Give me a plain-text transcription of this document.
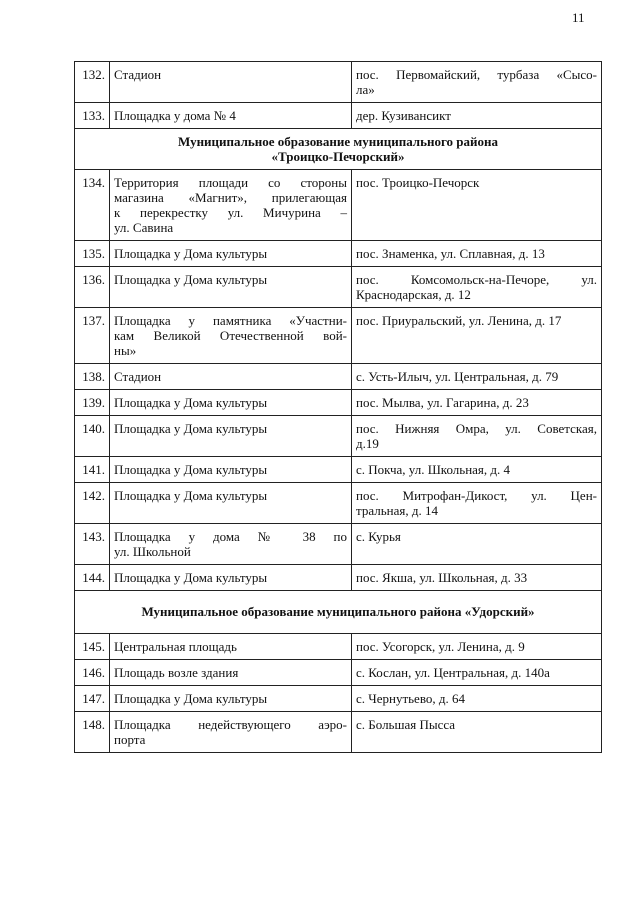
11
132.	Стадион	пос. Первомайский, турбаза «Сысо-
ла»

133.	Площадка у дома № 4	дер. Кузивансикт

Муниципальное образование муниципального района
«Троицко-Печорский»		

134.	Территория площади со стороны
магазина «Магнит», прилегающая
к перекрестку ул. Мичурина –
ул. Савина	пос. Троицко-Печорск

135.	Площадка у Дома культуры	пос. Знаменка, ул. Сплавная, д. 13

136.	Площадка у Дома культуры	пос. Комсомольск-на-Печоре, ул.
Краснодарская, д. 12

137.	Площадка у памятника «Участни-
кам Великой Отечественной вой-
ны»	пос. Приуральский, ул. Ленина, д. 17

138.	Стадион	с. Усть-Илыч, ул. Центральная, д. 79

139.	Площадка у Дома культуры	пос. Мылва, ул. Гагарина, д. 23

140.	Площадка у Дома культуры	пос. Нижняя Омра, ул. Советская,
д.19

141.	Площадка у Дома культуры	с. Покча, ул. Школьная, д. 4

142.	Площадка у Дома культуры	пос. Митрофан-Дикост, ул. Цен-
тральная, д. 14

143.	Площадка у дома № 38 по
ул. Школьной	с. Курья

144.	Площадка у Дома культуры	пос. Якша, ул. Школьная, д. 33

Муниципальное образование муниципального района «Удорский»		

145.	Центральная площадь	пос. Усогорск, ул. Ленина, д. 9

146.	Площадь возле здания	с. Кослан, ул. Центральная, д. 140а

147.	Площадка у Дома культуры	с. Чернутьево, д. 64

148.	Площадка недействующего аэро-
порта	с. Большая Пысса
